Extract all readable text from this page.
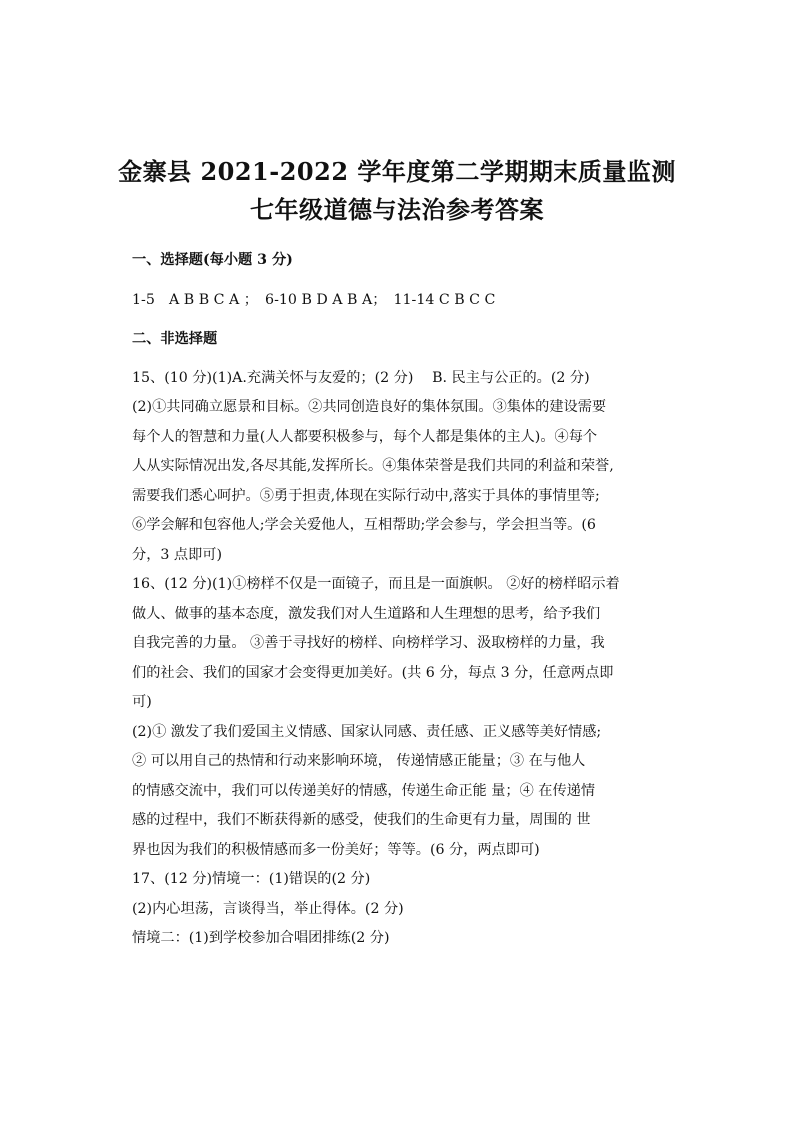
金寨县 2021-2022 学年度第二学期期末质量监测
七年级道德与法治参考答案
一、选择题(每小题 3 分)
1-5　A B B C A ；　6-10 B D A B A；　11-14 C B C C
二、非选择题
15、(10 分)(1)A.充满关怀与友爱的；(2 分)　 B. 民主与公正的。(2 分)
(2)①共同确立愿景和目标。②共同创造良好的集体氛围。③集体的建设需要
每个人的智慧和力量(人人都要积极参与，每个人都是集体的主人)。④每个
人从实际情况出发,各尽其能,发挥所长。④集体荣誉是我们共同的利益和荣誉,
需要我们悉心呵护。⑤勇于担责,体现在实际行动中,落实于具体的事情里等;
⑥学会解和包容他人;学会关爱他人，互相帮助;学会参与，学会担当等。(6
分，3 点即可)
16、(12 分)(1)①榜样不仅是一面镜子，而且是一面旗帜。 ②好的榜样昭示着
做人、做事的基本态度，激发我们对人生道路和人生理想的思考，给予我们
自我完善的力量。 ③善于寻找好的榜样、向榜样学习、汲取榜样的力量，我
们的社会、我们的国家才会变得更加美好。(共 6 分，每点 3 分，任意两点即
可)
(2)① 激发了我们爱国主义情感、国家认同感、责任感、正义感等美好情感;
② 可以用自己的热情和行动来影响环境， 传递情感正能量；③ 在与他人
的情感交流中，我们可以传递美好的情感，传递生命正能 量；④ 在传递情
感的过程中，我们不断获得新的感受，使我们的生命更有力量，周围的 世
界也因为我们的积极情感而多一份美好；等等。(6 分，两点即可)
17、(12 分)情境一：(1)错误的(2 分)
(2)内心坦荡，言谈得当，举止得体。(2 分)
情境二：(1)到学校参加合唱团排练(2 分)
